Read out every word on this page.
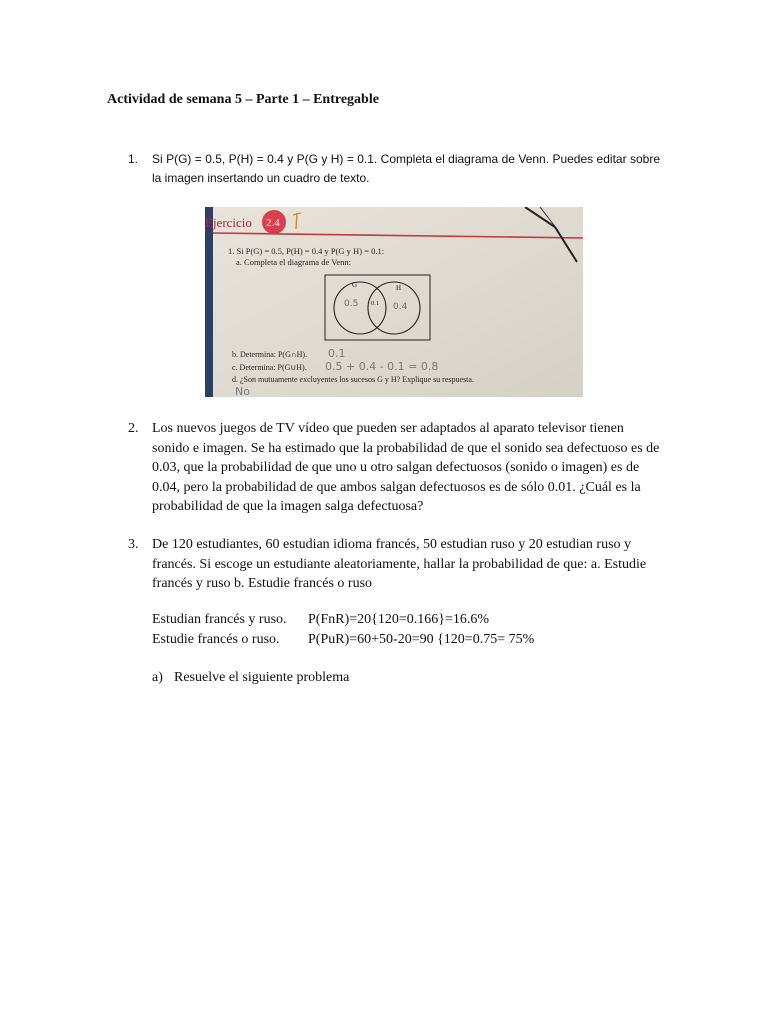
Actividad de semana 5 – Parte 1 – Entregable
1.	Si P(G) = 0.5, P(H) = 0.4 y P(G y H) = 0.1. Completa el diagrama de Venn. Puedes editar sobre la imagen insertando un cuadro de texto.
Ejercicio 2.4
1. Si P(G) = 0.5, P(H) = 0.4 y P(G y H) = 0.1:
a. Completa el diagrama de Venn:
G	H
0.5 0.1 0.4
b. Determina: P(G∩H). 0.1
c. Determina: P(G∪H). 0.5 + 0.4 - 0.1 = 0.8
d. ¿Son mutuamente excluyentes los sucesos G y H? Explique su respuesta.
No
2. Los nuevos juegos de TV vídeo que pueden ser adaptados al aparato televisor tienen sonido e imagen. Se ha estimado que la probabilidad de que el sonido sea defectuoso es de 0.03, que la probabilidad de que uno u otro salgan defectuosos (sonido o imagen) es de 0.04, pero la probabilidad de que ambos salgan defectuosos es de sólo 0.01. ¿Cuál es la probabilidad de que la imagen salga defectuosa?
3. De 120 estudiantes, 60 estudian idioma francés, 50 estudian ruso y 20 estudian ruso y francés. Si escoge un estudiante aleatoriamente, hallar la probabilidad de que: a. Estudie francés y ruso b. Estudie francés o ruso
Estudian francés y ruso. P(FnR)=20{120=0.166}=16.6%
Estudie francés o ruso. P(PuR)=60+50-20=90 {120=0.75= 75%
a) Resuelve el siguiente problema
